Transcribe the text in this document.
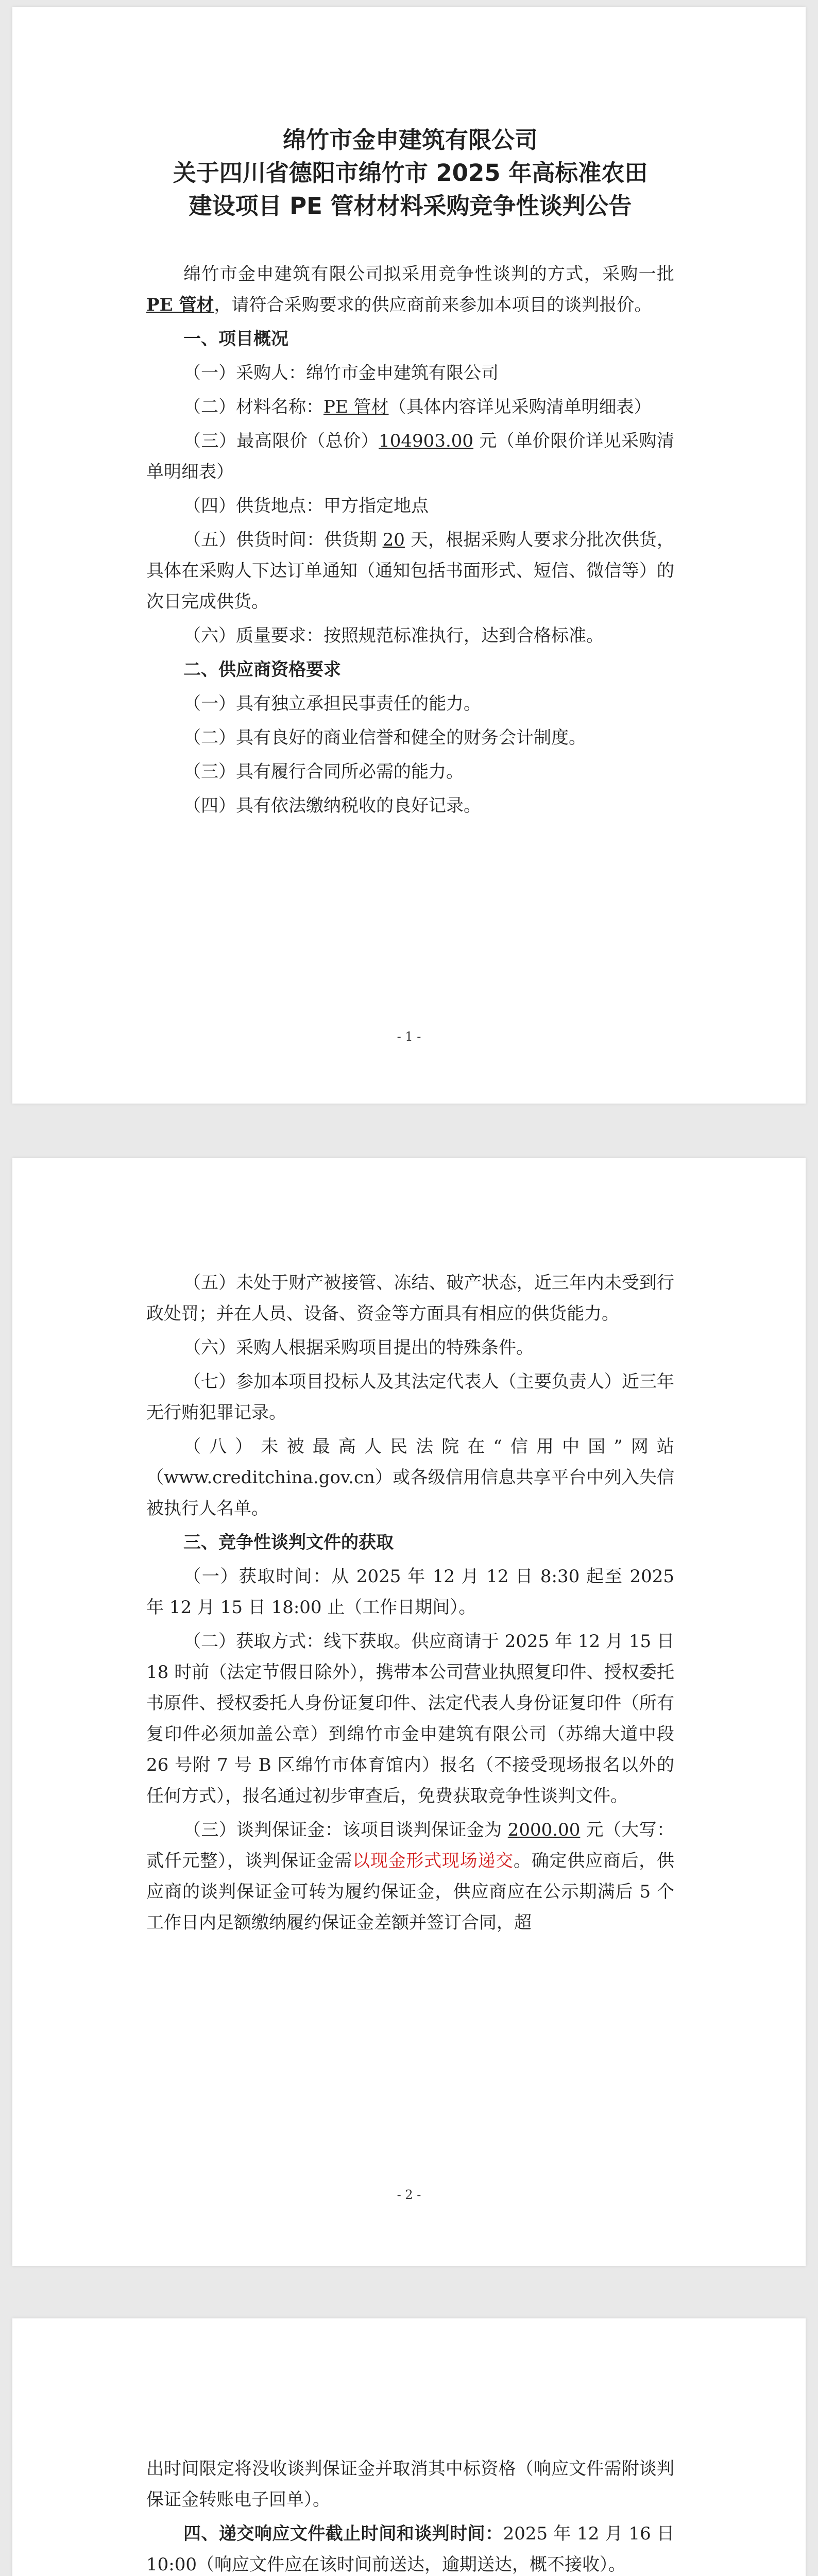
绵竹市金申建筑有限公司

关于四川省德阳市绵竹市 2025 年高标准农田

建设项目 PE 管材材料采购竞争性谈判公告

绵竹市金申建筑有限公司拟采用竞争性谈判的方式，采购一批PE 管材，请符合采购要求的供应商前来参加本项目的谈判报价。

一、项目概况

（一）采购人：绵竹市金申建筑有限公司

（二）材料名称：PE 管材（具体内容详见采购清单明细表）

（三）最高限价（总价）104903.00 元（单价限价详见采购清单明细表）

（四）供货地点：甲方指定地点

（五）供货时间：供货期 20 天，根据采购人要求分批次供货，具体在采购人下达订单通知（通知包括书面形式、短信、微信等）的次日完成供货。

（六）质量要求：按照规范标准执行，达到合格标准。

二、供应商资格要求

（一）具有独立承担民事责任的能力。

（二）具有良好的商业信誉和健全的财务会计制度。

（三）具有履行合同所必需的能力。

（四）具有依法缴纳税收的良好记录。

- 1 -

（五）未处于财产被接管、冻结、破产状态，近三年内未受到行政处罚；并在人员、设备、资金等方面具有相应的供货能力。

（六）采购人根据采购项目提出的特殊条件。

（七）参加本项目投标人及其法定代表人（主要负责人）近三年无行贿犯罪记录。

（八）未被最高人民法院在“信用中国”网站（www.creditchina.gov.cn）或各级信用信息共享平台中列入失信被执行人名单。

三、竞争性谈判文件的获取

（一）获取时间：从 2025 年 12 月 12 日 8:30 起至 2025 年 12 月 15 日 18:00 止（工作日期间）。

（二）获取方式：线下获取。供应商请于 2025 年 12 月 15 日 18 时前（法定节假日除外），携带本公司营业执照复印件、授权委托书原件、授权委托人身份证复印件、法定代表人身份证复印件（所有复印件必须加盖公章）到绵竹市金申建筑有限公司（苏绵大道中段 26 号附 7 号 B 区绵竹市体育馆内）报名（不接受现场报名以外的任何方式），报名通过初步审查后，免费获取竞争性谈判文件。

（三）谈判保证金：该项目谈判保证金为 2000.00 元（大写：贰仟元整），谈判保证金需以现金形式现场递交。确定供应商后，供应商的谈判保证金可转为履约保证金，供应商应在公示期满后 5 个工作日内足额缴纳履约保证金差额并签订合同，超

- 2 -

出时间限定将没收谈判保证金并取消其中标资格（响应文件需附谈判保证金转账电子回单）。

四、递交响应文件截止时间和谈判时间：2025 年 12 月 16 日 10:00（响应文件应在该时间前送达，逾期送达，概不接收）。
